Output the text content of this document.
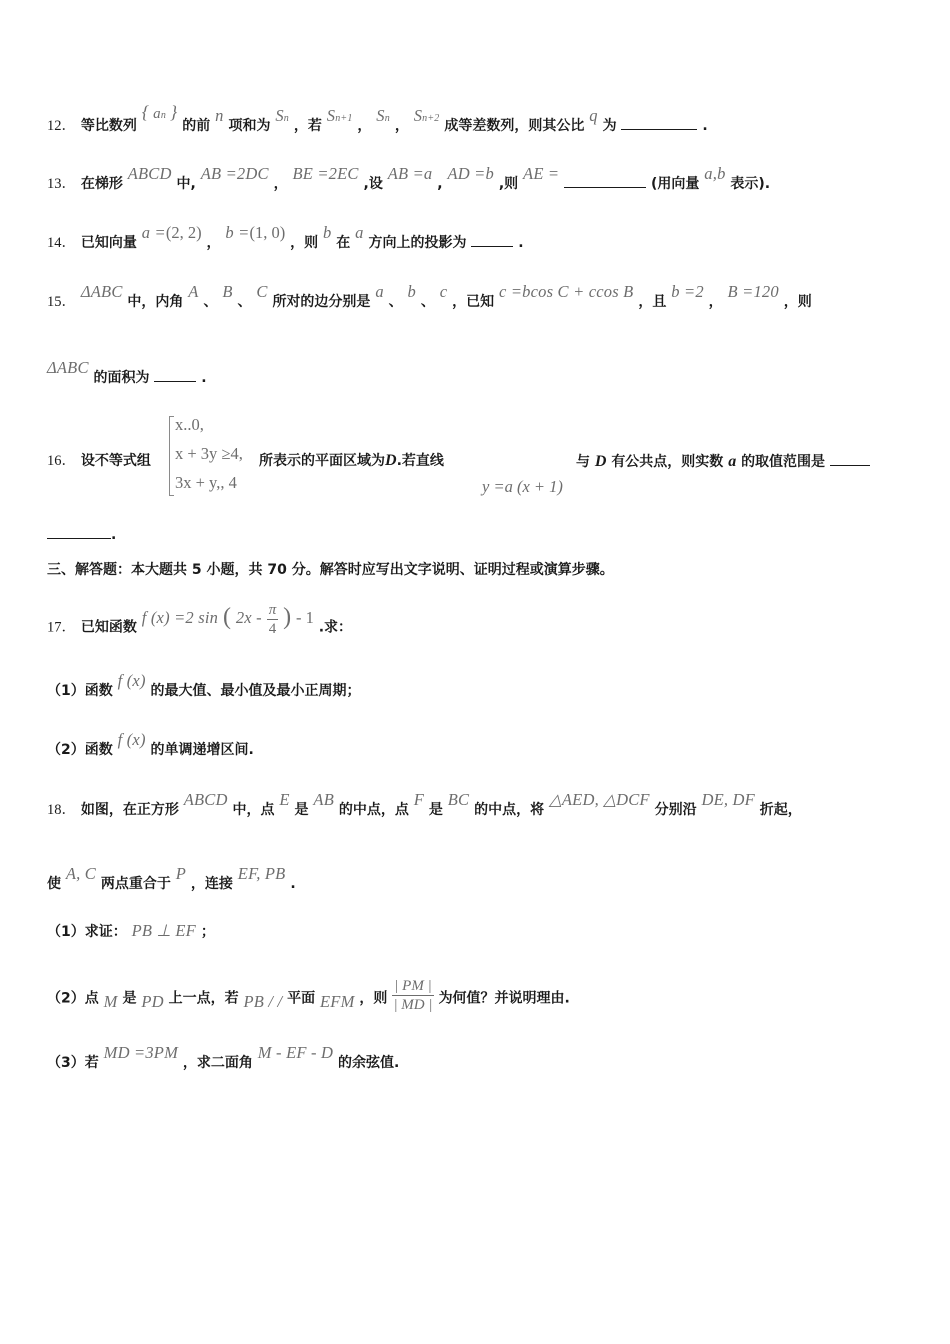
12． 等比数列 { an } 的前 n 项和为 Sn ，若 Sn+1 ， Sn ， Sn+2 成等差数列，则其公比 q 为	.
13． 在梯形 ABCD 中, AB =2DC ， BE =2EC ,设 AB =a , AD =b ,则 AE =  (用向量 a,b 表示).
14． 已知向量 a =(2, 2) ， b =(1, 0) ，则 b 在 a 方向上的投影为	.
15． ΔABC 中，内角 A 、 B 、 C 所对的边分别是 a 、 b 、 c ，已知 c =bcos C + ccos B ，且 b =2 ， B =120 ，则
ΔABC 的面积为	.
16． 设不等式组
x..0,
x + 3y ≥4,
3x + y,, 4
所表示的平面区域为D.若直线
y =a (x + 1)
与 D 有公共点，则实数 a 的取值范围是
.
三、解答题：本大题共 5 小题，共 70 分。解答时应写出文字说明、证明过程或演算步骤。
17． 已知函数 f (x) =2 sin ( $2x - \frac{\pi}{4}$ ) - 1 .求：
（1）函数 f (x) 的最大值、最小值及最小正周期；
（2）函数 f (x) 的单调递增区间.
18． 如图，在正方形 ABCD 中，点 E 是 AB 的中点，点 F 是 BC 的中点，将 △AED, △DCF 分别沿 DE, DF 折起，
使 A, C 两点重合于 P ，连接 EF, PB .
（1）求证： PB ⊥ EF ；
（2）点 M 是 PD 上一点，若 PB / / 平面 EFM ，则 $\frac{| PM |}{| MD |}$ 为何值？并说明理由.
（3）若 MD =3PM ，求二面角 M - EF - D 的余弦值.
